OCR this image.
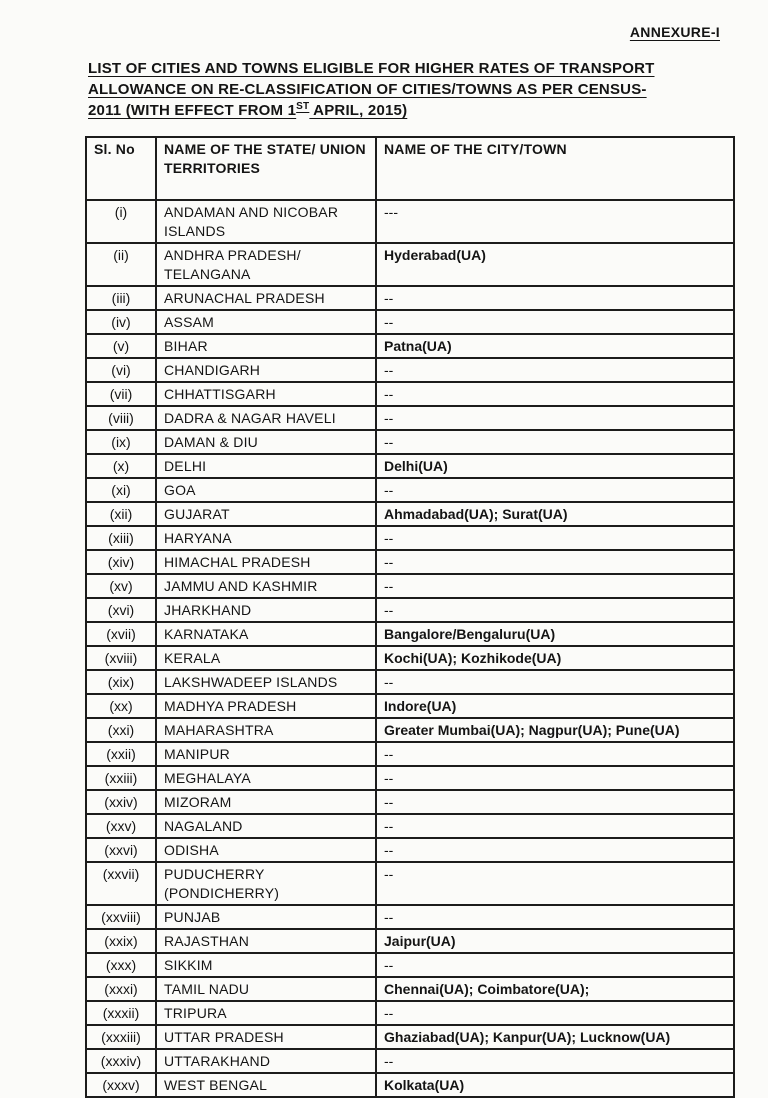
ANNEXURE-I
LIST OF CITIES AND TOWNS ELIGIBLE FOR HIGHER RATES OF TRANSPORT
ALLOWANCE ON RE-CLASSIFICATION OF CITIES/TOWNS AS PER CENSUS-
2011 (WITH EFFECT FROM 1ST APRIL, 2015)
Sl. No	NAME OF THE STATE/ UNION TERRITORIES	NAME OF THE CITY/TOWN
(i)	ANDAMAN AND NICOBAR ISLANDS	---
(ii)	ANDHRA PRADESH/ TELANGANA	Hyderabad(UA)
(iii)	ARUNACHAL PRADESH	--
(iv)	ASSAM	--
(v)	BIHAR	Patna(UA)
(vi)	CHANDIGARH	--
(vii)	CHHATTISGARH	--
(viii)	DADRA & NAGAR HAVELI	--
(ix)	DAMAN & DIU	--
(x)	DELHI	Delhi(UA)
(xi)	GOA	--
(xii)	GUJARAT	Ahmadabad(UA); Surat(UA)
(xiii)	HARYANA	--
(xiv)	HIMACHAL PRADESH	--
(xv)	JAMMU AND KASHMIR	--
(xvi)	JHARKHAND	--
(xvii)	KARNATAKA	Bangalore/Bengaluru(UA)
(xviii)	KERALA	Kochi(UA); Kozhikode(UA)
(xix)	LAKSHWADEEP ISLANDS	--
(xx)	MADHYA PRADESH	Indore(UA)
(xxi)	MAHARASHTRA	Greater Mumbai(UA); Nagpur(UA); Pune(UA)
(xxii)	MANIPUR	--
(xxiii)	MEGHALAYA	--
(xxiv)	MIZORAM	--
(xxv)	NAGALAND	--
(xxvi)	ODISHA	--
(xxvii)	PUDUCHERRY (PONDICHERRY)	--
(xxviii)	PUNJAB	--
(xxix)	RAJASTHAN	Jaipur(UA)
(xxx)	SIKKIM	--
(xxxi)	TAMIL NADU	Chennai(UA); Coimbatore(UA);
(xxxii)	TRIPURA	--
(xxxiii)	UTTAR PRADESH	Ghaziabad(UA); Kanpur(UA); Lucknow(UA)
(xxxiv)	UTTARAKHAND	--
(xxxv)	WEST BENGAL	Kolkata(UA)
